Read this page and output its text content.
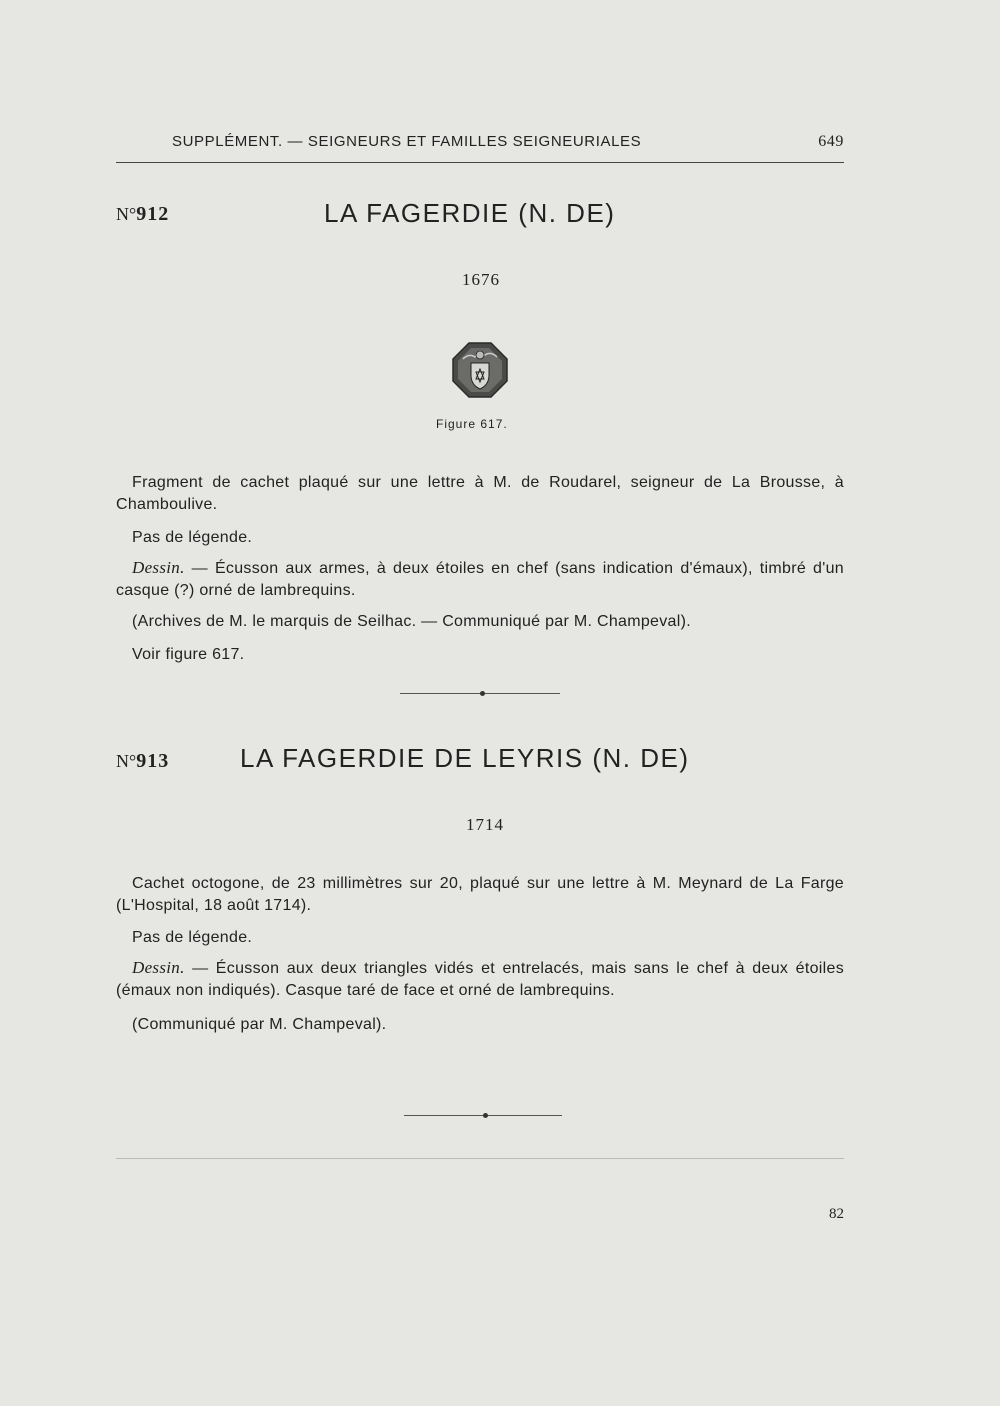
SUPPLÉMENT. — SEIGNEURS ET FAMILLES SEIGNEURIALES	649
N°912	LA FAGERDIE (N. DE)
1676
Figure 617.
Fragment de cachet plaqué sur une lettre à M. de Roudarel, seigneur de La Brousse, à Chamboulive.
Pas de légende.
Dessin. — Écusson aux armes, à deux étoiles en chef (sans indication d'émaux), timbré d'un casque (?) orné de lambrequins.
(Archives de M. le marquis de Seilhac. — Communiqué par M. Champeval).
Voir figure 617.
N°913	LA FAGERDIE DE LEYRIS (N. DE)
1714
Cachet octogone, de 23 millimètres sur 20, plaqué sur une lettre à M. Meynard de La Farge (L'Hospital, 18 août 1714).
Pas de légende.
Dessin. — Écusson aux deux triangles vidés et entrelacés, mais sans le chef à deux étoiles (émaux non indiqués). Casque taré de face et orné de lambrequins.
(Communiqué par M. Champeval).
82
